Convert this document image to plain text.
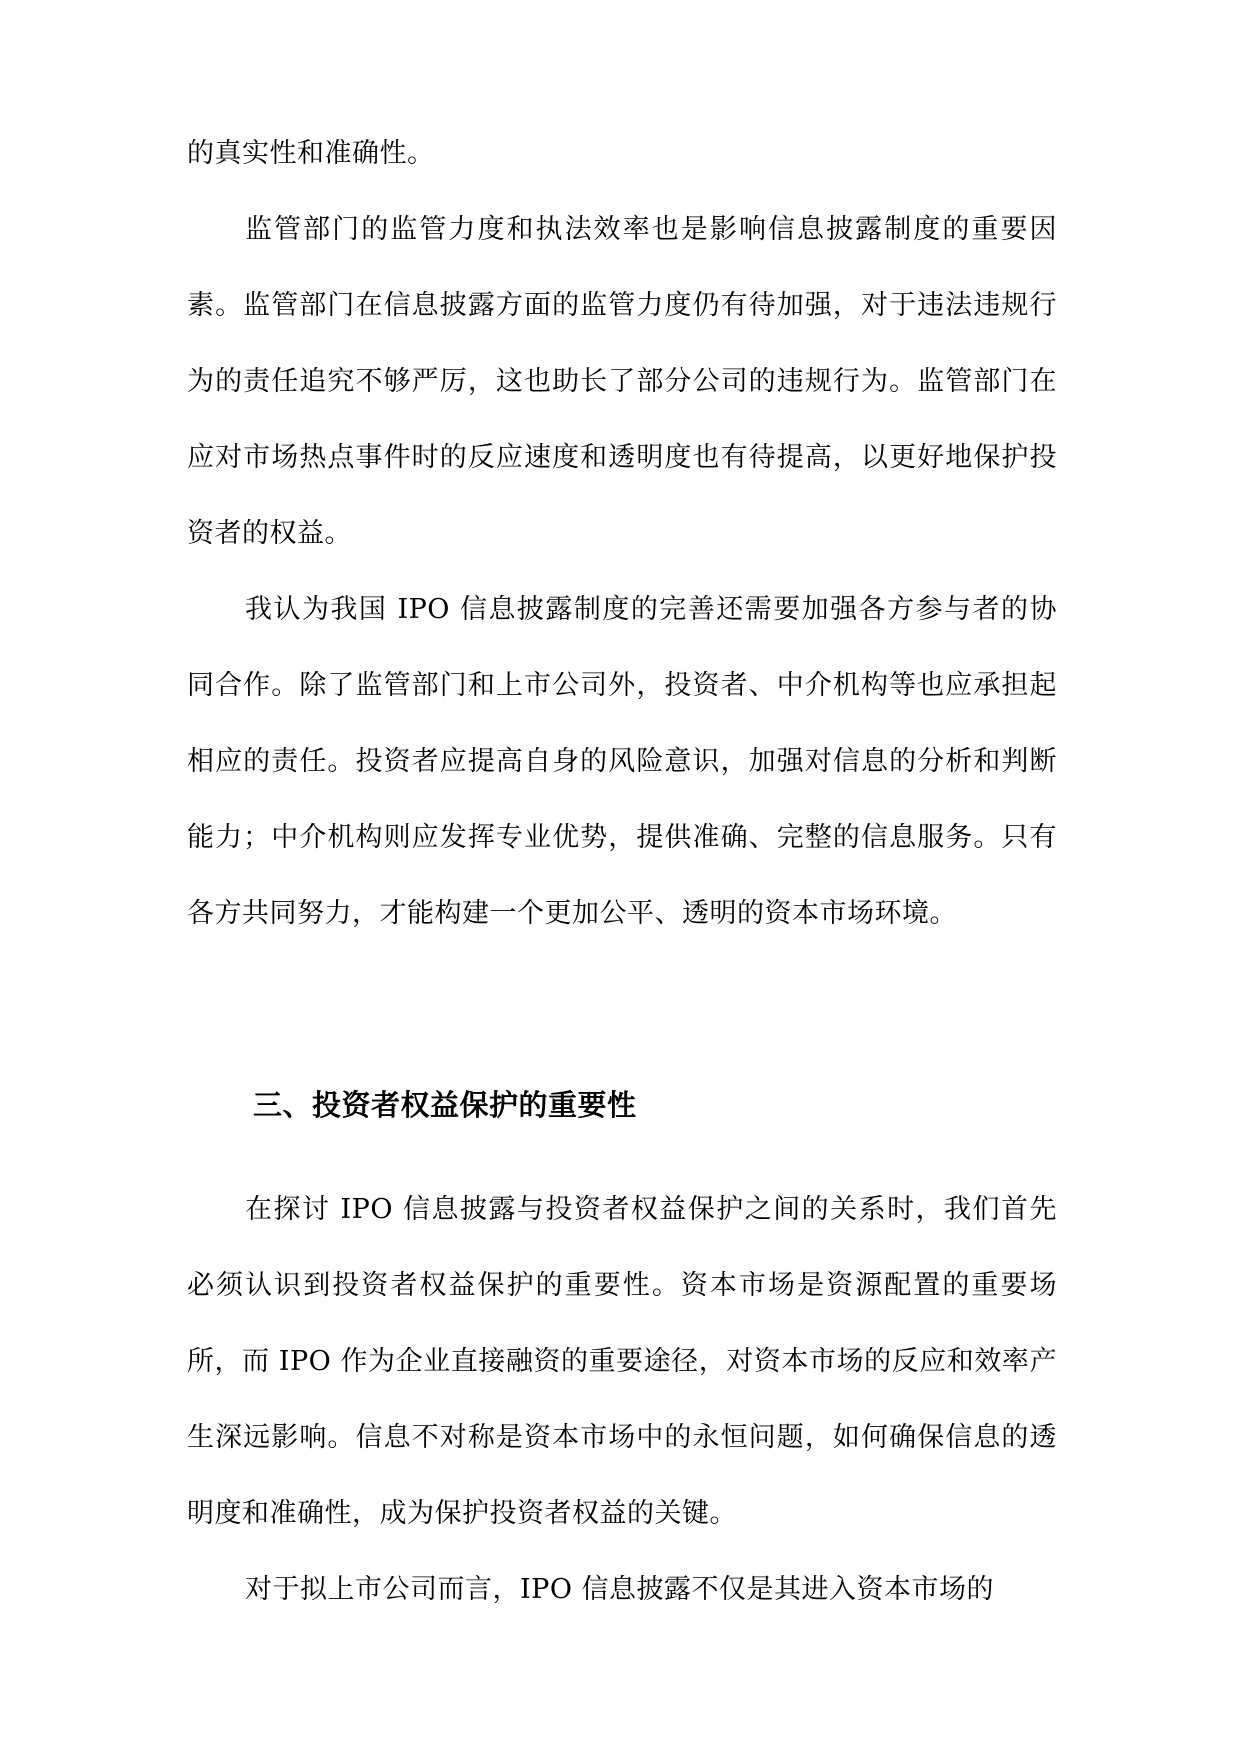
的真实性和准确性。

监管部门的监管力度和执法效率也是影响信息披露制度的重要因素。监管部门在信息披露方面的监管力度仍有待加强，对于违法违规行为的责任追究不够严厉，这也助长了部分公司的违规行为。监管部门在应对市场热点事件时的反应速度和透明度也有待提高，以更好地保护投资者的权益。

我认为我国 IPO 信息披露制度的完善还需要加强各方参与者的协同合作。除了监管部门和上市公司外，投资者、中介机构等也应承担起相应的责任。投资者应提高自身的风险意识，加强对信息的分析和判断能力；中介机构则应发挥专业优势，提供准确、完整的信息服务。只有各方共同努力，才能构建一个更加公平、透明的资本市场环境。

三、投资者权益保护的重要性

在探讨 IPO 信息披露与投资者权益保护之间的关系时，我们首先必须认识到投资者权益保护的重要性。资本市场是资源配置的重要场所，而 IPO 作为企业直接融资的重要途径，对资本市场的反应和效率产生深远影响。信息不对称是资本市场中的永恒问题，如何确保信息的透明度和准确性，成为保护投资者权益的关键。

对于拟上市公司而言，IPO 信息披露不仅是其进入资本市场的
